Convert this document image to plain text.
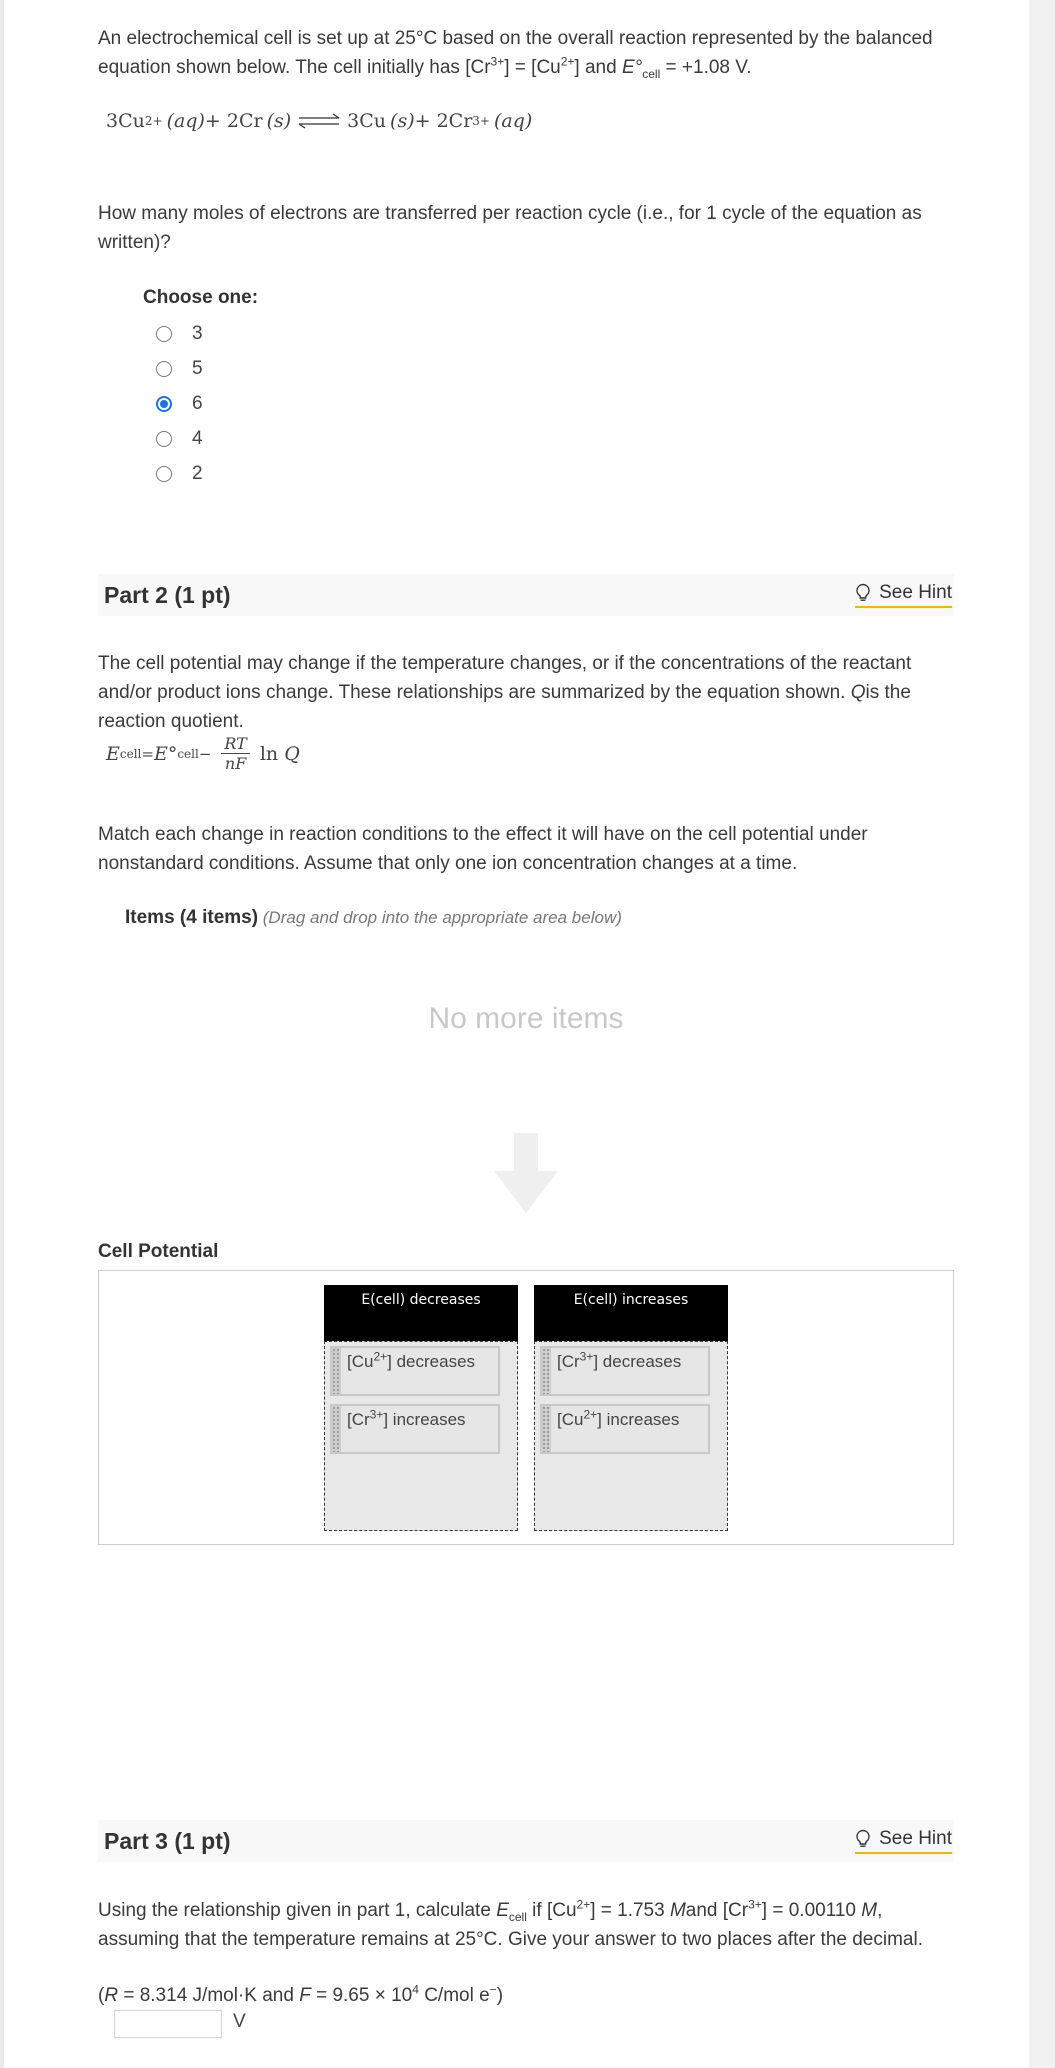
An electrochemical cell is set up at 25°C based on the overall reaction represented by the balanced

equation shown below. The cell initially has $[Cr^{3+}] = [Cu^{2+}]$ and $E^\circ_{cell} = +1.08$ V.

3Cu 2+ (aq) + 2Cr (s) ⇌ 3Cu (s) + 2Cr 3+ (aq)

How many moles of electrons are transferred per reaction cycle (i.e., for 1 cycle of the equation as

written)?

Choose one:
3
5
6
4
2
Part 2 (1 pt)	See Hint

The cell potential may change if the temperature changes, or if the concentrations of the reactant

and/or product ions change. These relationships are summarized by the equation shown. Qis the

reaction quotient.

E cell = E° cell − $\frac{RT}{nF}$ ln
Q

Match each change in reaction conditions to the effect it will have on the cell potential under

nonstandard conditions. Assume that only one ion concentration changes at a time.

Items (4 items) (Drag and drop into the appropriate area below)
No more items
Cell Potential
E(cell) decreases
$[Cu^{2+}]$ decreases
$[Cr^{3+}]$ increases
E(cell) increases
$[Cr^{3+}]$ decreases
$[Cu^{2+}]$ increases
Part 3 (1 pt)	See Hint

Using the relationship given in part 1, calculate $E_{cell}$ if $[Cu^{2+}] = 1.753$ Mand $[Cr^{3+}] = 0.00110$ M,

assuming that the temperature remains at 25°C. Give your answer to two places after the decimal.

(R = 8.314 J/mol·K and $F = 9.65 \times 10^4$ C/mol e−)

V
